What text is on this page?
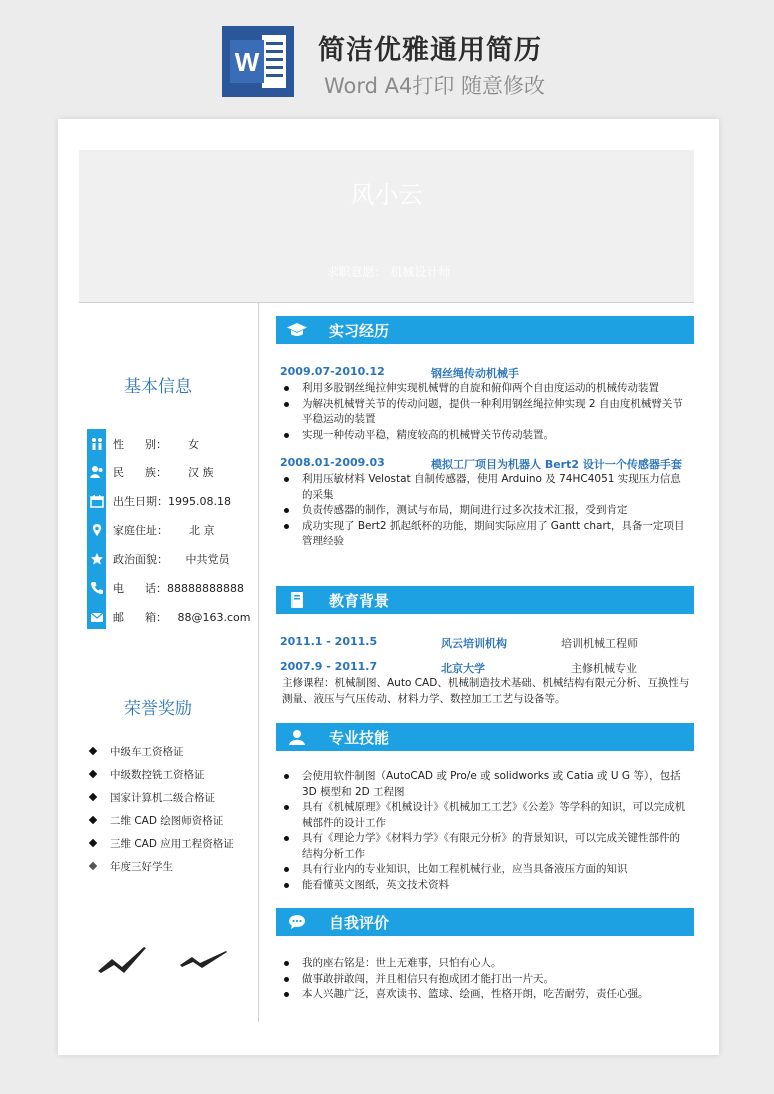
W 简洁优雅通用简历
Word A4打印 随意修改
风小云
求职意愿： 机械设计师
基本信息
性      别：      女
民      族：      汉 族
出生日期：1995.08.18
家庭住址：      北 京
政治面貌：     中共党员
电      话：88888888888
邮      箱：   88@163.com
荣誉奖励
中级车工资格证
中级数控铣工资格证
国家计算机二级合格证
二维 CAD 绘图师资格证
三维 CAD 应用工程资格证
年度三好学生
实习经历
2009.07-2010.12	钢丝绳传动机械手
利用多股钢丝绳拉伸实现机械臂的自旋和俯仰两个自由度运动的机械传动装置
为解决机械臂关节的传动问题，提供一种利用钢丝绳拉伸实现 2 自由度机械臂关节平稳运动的装置
实现一种传动平稳，精度较高的机械臂关节传动装置。
2008.01-2009.03	模拟工厂项目为机器人 Bert2 设计一个传感器手套
利用压敏材料 Velostat 自制传感器，使用 Arduino 及 74HC4051 实现压力信息的采集
负责传感器的制作，测试与布局，期间进行过多次技术汇报，受到肯定
成功实现了 Bert2 抓起纸杯的功能，期间实际应用了 Gantt chart，具备一定项目管理经验
教育背景
2011.1 - 2011.5	风云培训机构	培训机械工程师
2007.9 - 2011.7	北京大学	主修机械专业
主修课程：机械制图、Auto CAD、机械制造技术基础、机械结构有限元分析、互换性与测量、液压与气压传动、材料力学、数控加工工艺与设备等。
专业技能
会使用软件制图（AutoCAD 或 Pro/e 或 solidworks 或 Catia 或 U G 等），包括 3D 模型和 2D 工程图
具有《机械原理》《机械设计》《机械加工工艺》《公差》等学科的知识，可以完成机械部件的设计工作
具有《理论力学》《材料力学》《有限元分析》的背景知识，可以完成关键性部件的结构分析工作
具有行业内的专业知识，比如工程机械行业，应当具备液压方面的知识
能看懂英文图纸，英文技术资料
自我评价
我的座右铭是：世上无难事，只怕有心人。
做事敢拼敢闯，并且相信只有抱成团才能打出一片天。
本人兴趣广泛，喜欢读书、篮球、绘画，性格开朗，吃苦耐劳，责任心强。
